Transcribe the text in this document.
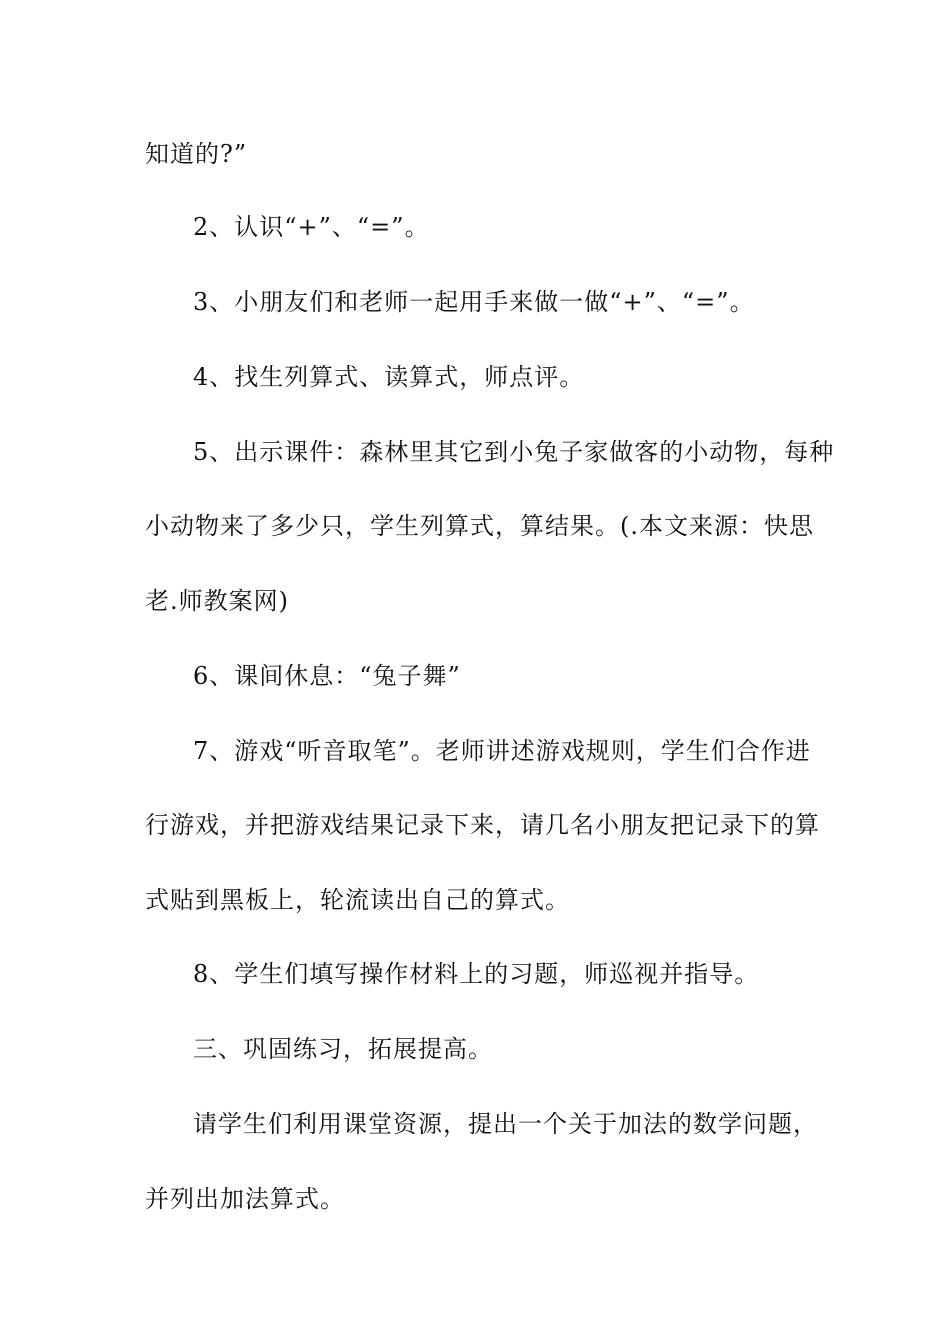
知道的?”
2、认识“+”、“=”。
3、小朋友们和老师一起用手来做一做“+”、“=”。
4、找生列算式、读算式，师点评。
5、出示课件：森林里其它到小兔子家做客的小动物，每种
小动物来了多少只，学生列算式，算结果。(.本文来源：快思
老.师教案网)
6、课间休息：“兔子舞”
7、游戏“听音取笔”。老师讲述游戏规则，学生们合作进
行游戏，并把游戏结果记录下来，请几名小朋友把记录下的算
式贴到黑板上，轮流读出自己的算式。
8、学生们填写操作材料上的习题，师巡视并指导。
三、巩固练习，拓展提高。
请学生们利用课堂资源，提出一个关于加法的数学问题，
并列出加法算式。
